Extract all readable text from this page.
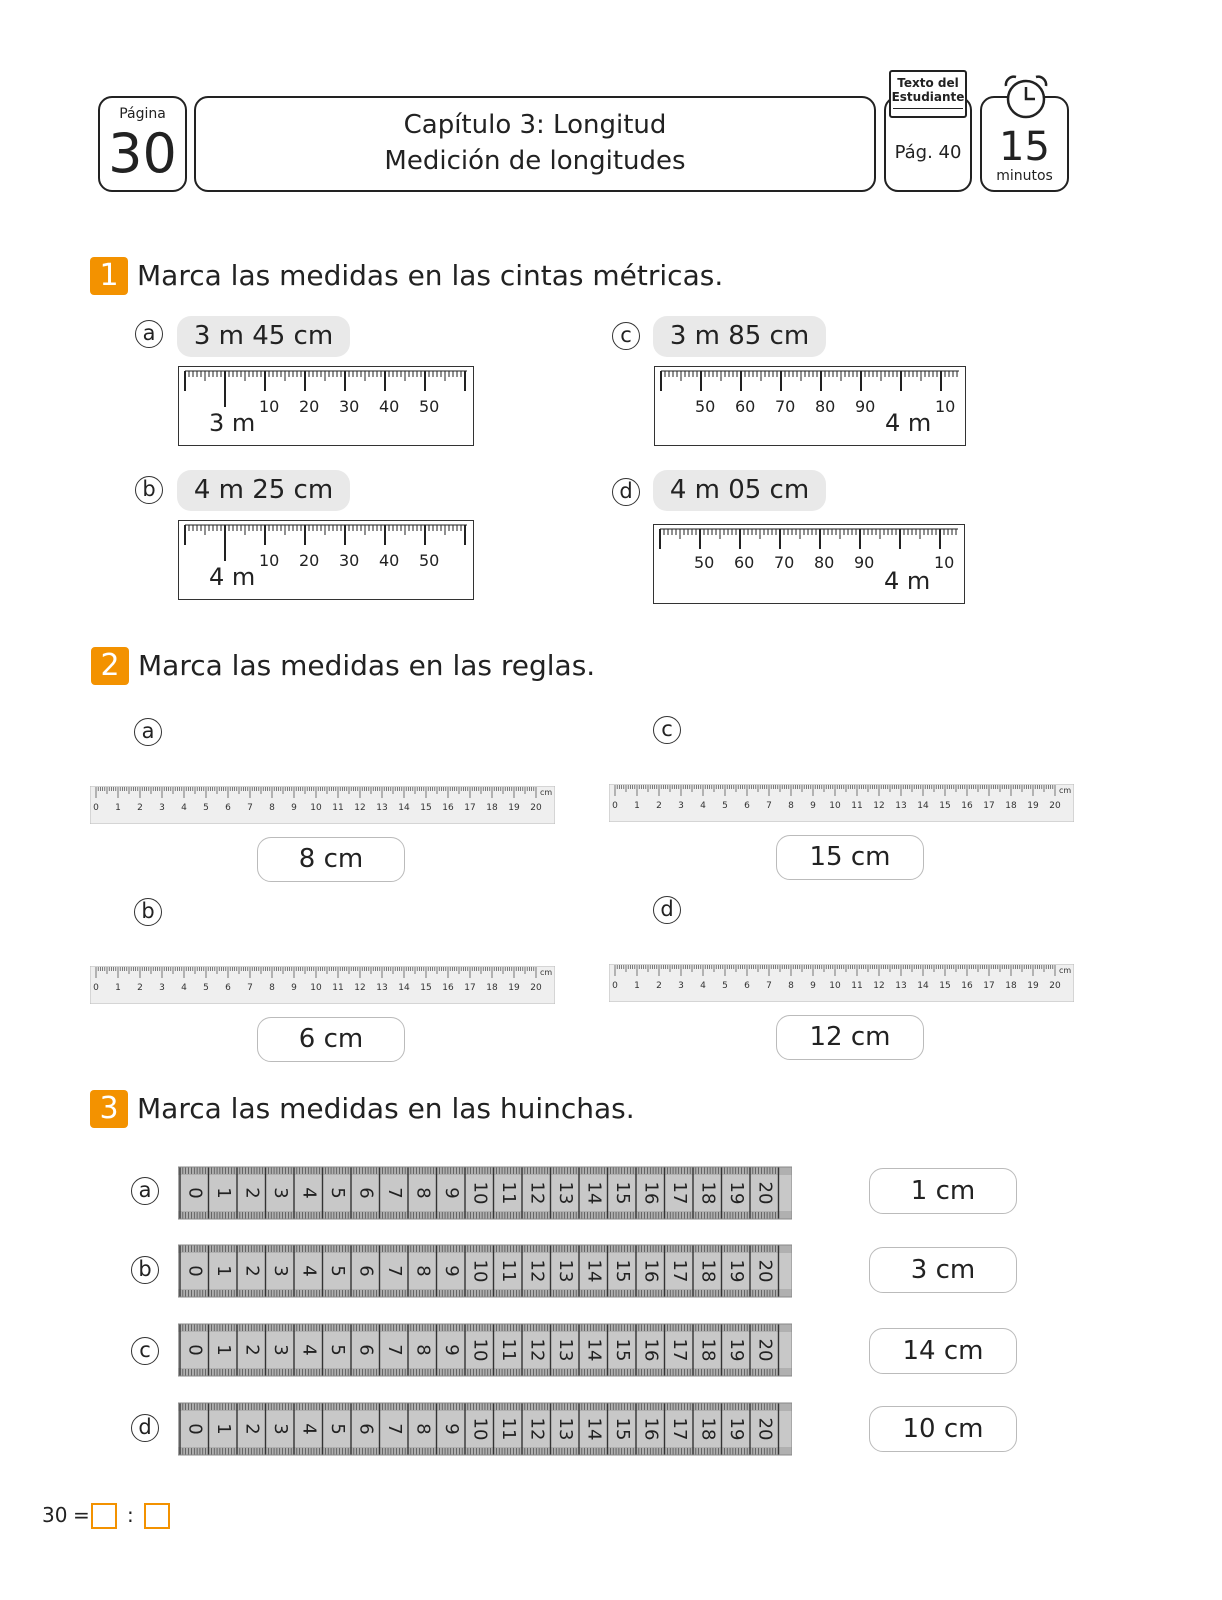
Página
30	Capítulo 3: Longitud
Medición de longitudes	Pág. 40
Texto del
Estudiante
15
minutos
1 Marca las medidas en las cintas métricas.
a	3 m 45 cm
3 m
10 20 30 40 50
b	4 m 25 cm
4 m
10 20 30 40 50
c	3 m 85 cm
4 m
50 60 70 80 90	10
d	4 m 05 cm
4 m
50 60 70 80 90	10
2 Marca las medidas en las reglas.
a	c
b	d
0 1 2 3 4 5 6 7 8 9 10 11 12 13 14 15 16 17 18 19 20
cm
0 1 2 3 4 5 6 7 8 9 10 11 12 13 14 15 16 17 18 19 20
cm
0 1 2 3 4 5 6 7 8 9 10 11 12 13 14 15 16 17 18 19 20
cm
0 1 2 3 4 5 6 7 8 9 10 11 12 13 14 15 16 17 18 19 20
cm
8 cm	15 cm
6 cm	12 cm
3 Marca las medidas en las huinchas.
a
b
c
d
0 1 2 3 4 5 6 7 8 9 10 11 12 13 14 15 16 17 18 19 20
0 1 2 3 4 5 6 7 8 9 10 11 12 13 14 15 16 17 18 19 20
0 1 2 3 4 5 6 7 8 9 10 11 12 13 14 15 16 17 18 19 20
0 1 2 3 4 5 6 7 8 9 10 11 12 13 14 15 16 17 18 19 20
1 cm
3 cm
14 cm
10 cm
30 = :
